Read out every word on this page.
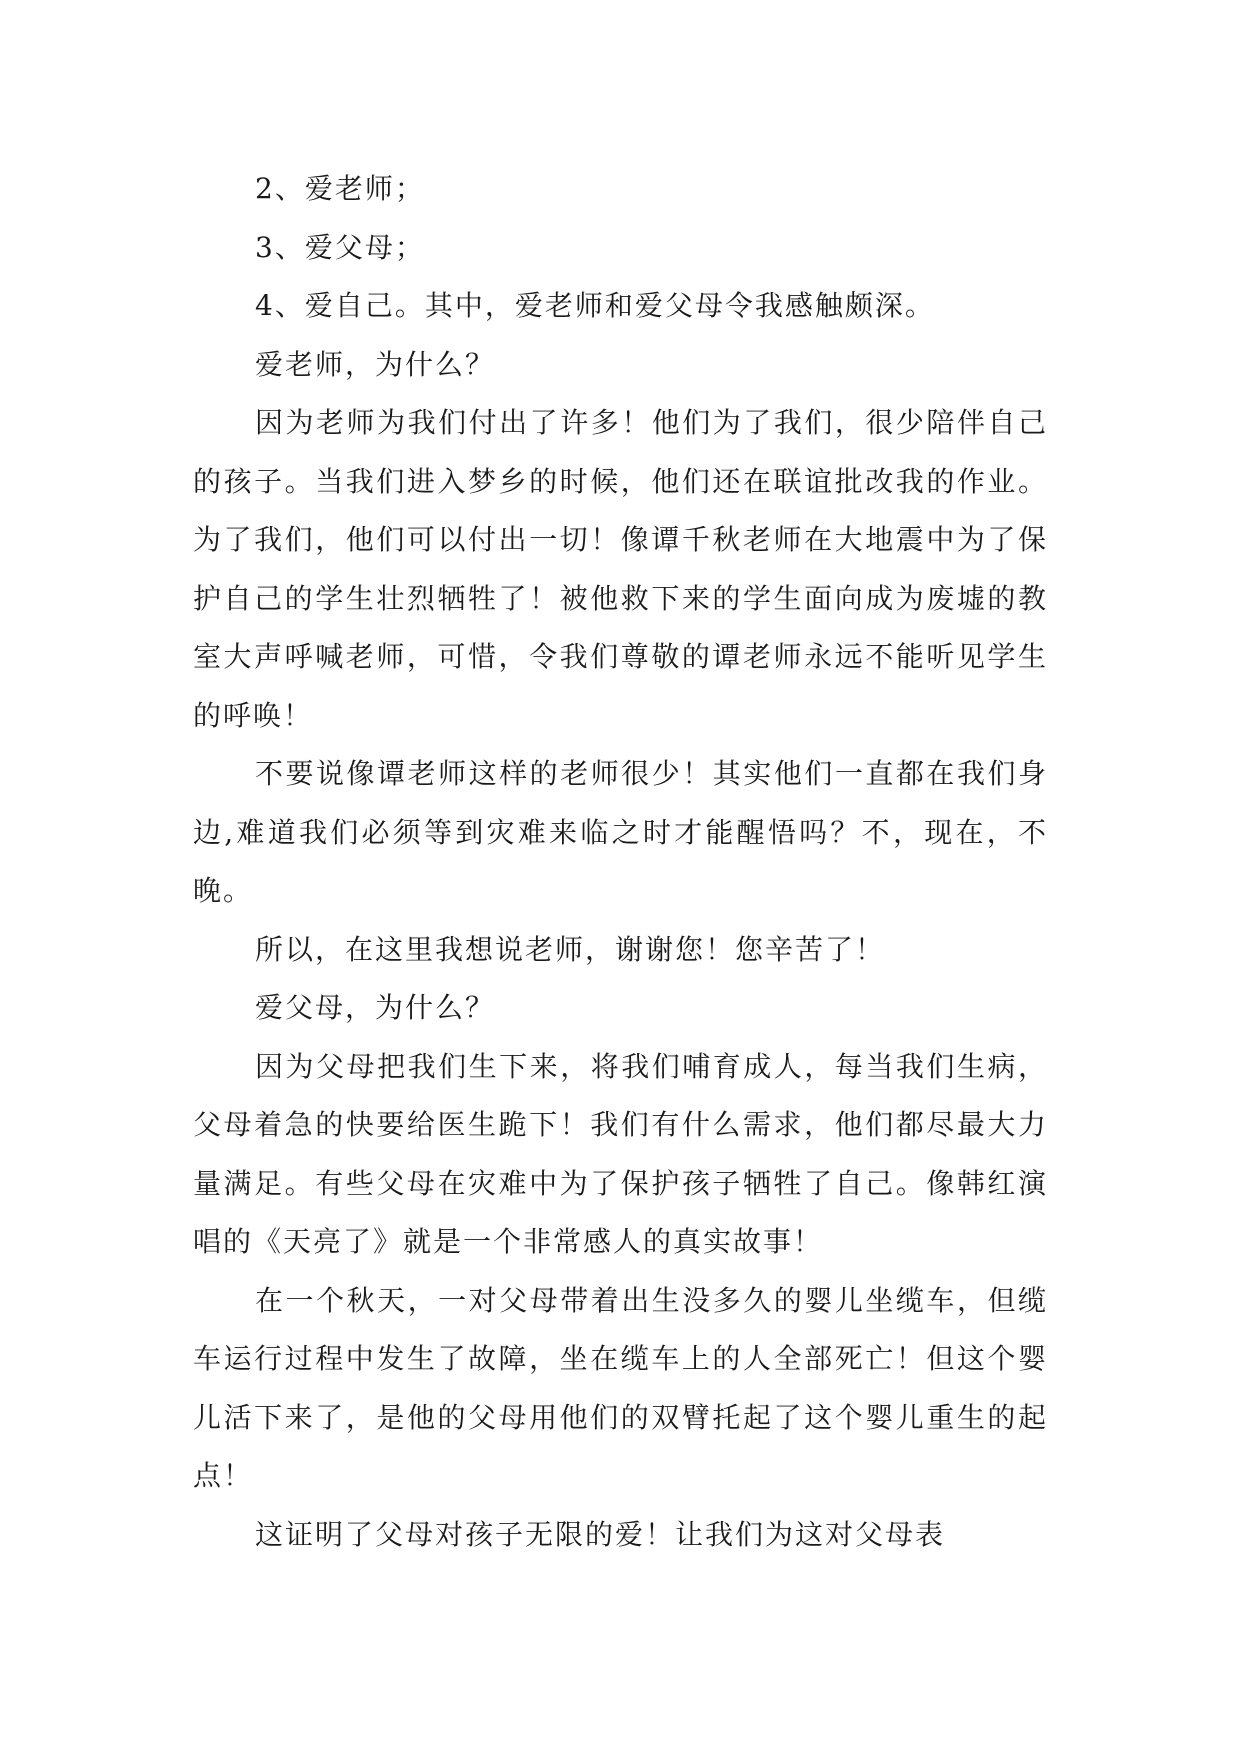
2、爱老师；

3、爱父母；

4、爱自己。其中，爱老师和爱父母令我感触颇深。

爱老师，为什么？

因为老师为我们付出了许多！他们为了我们，很少陪伴自己的孩子。当我们进入梦乡的时候，他们还在联谊批改我的作业。为了我们，他们可以付出一切！像谭千秋老师在大地震中为了保护自己的学生壮烈牺牲了！被他救下来的学生面向成为废墟的教室大声呼喊老师，可惜，令我们尊敬的谭老师永远不能听见学生的呼唤！

不要说像谭老师这样的老师很少！其实他们一直都在我们身边,难道我们必须等到灾难来临之时才能醒悟吗？不，现在，不晚。

所以，在这里我想说老师，谢谢您！您辛苦了！

爱父母，为什么？

因为父母把我们生下来，将我们哺育成人，每当我们生病，父母着急的快要给医生跪下！我们有什么需求，他们都尽最大力量满足。有些父母在灾难中为了保护孩子牺牲了自己。像韩红演唱的《天亮了》就是一个非常感人的真实故事！

在一个秋天，一对父母带着出生没多久的婴儿坐缆车，但缆车运行过程中发生了故障，坐在缆车上的人全部死亡！但这个婴儿活下来了，是他的父母用他们的双臂托起了这个婴儿重生的起点！

这证明了父母对孩子无限的爱！让我们为这对父母表
